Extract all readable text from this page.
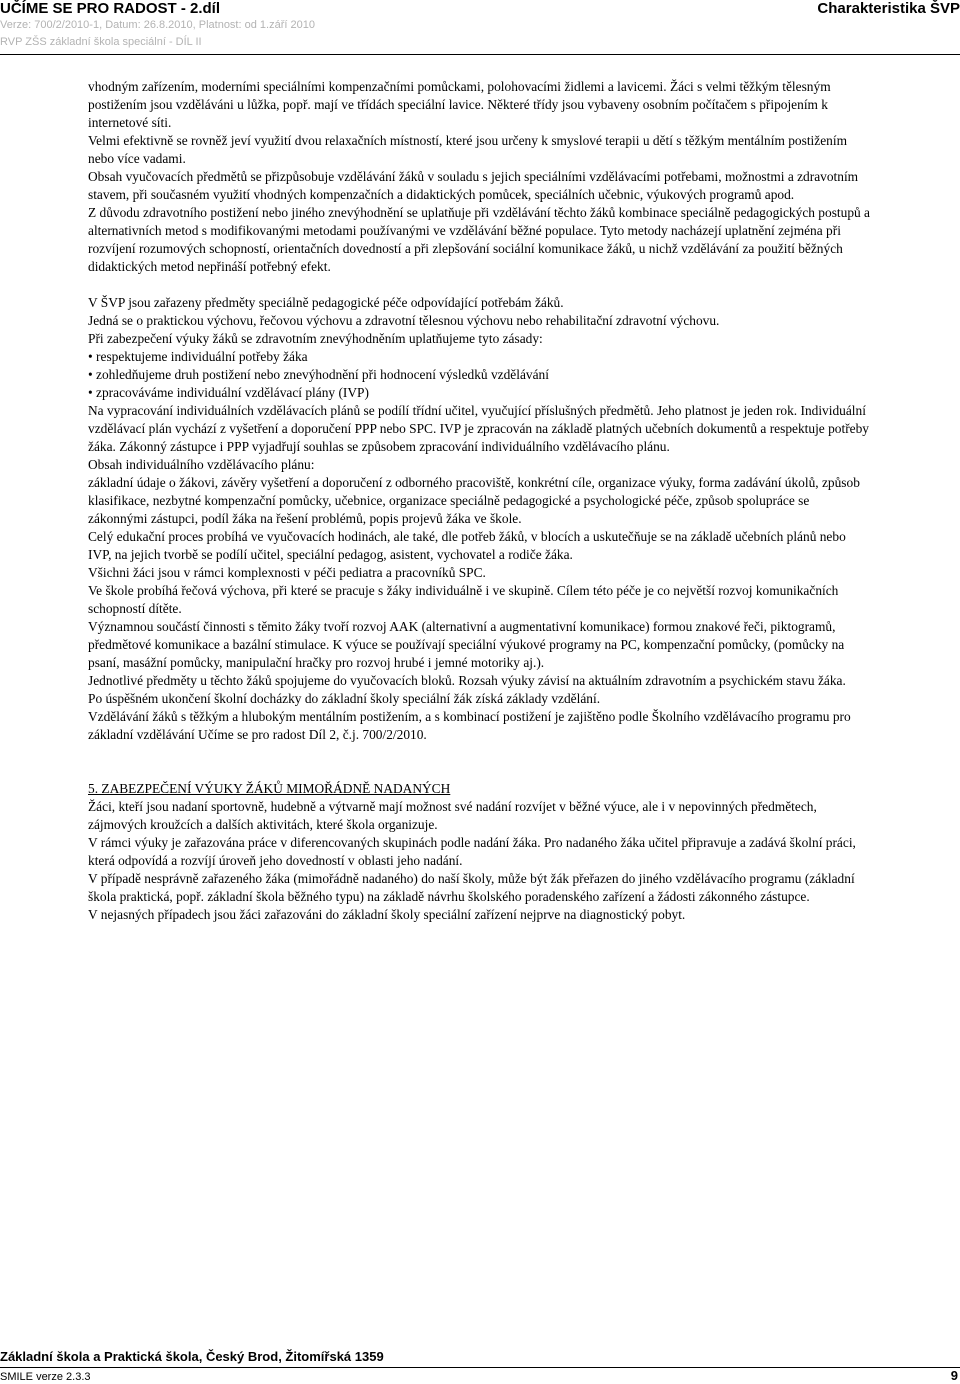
UČÍME SE PRO RADOST - 2.díl	Charakteristika ŠVP
Verze: 700/2/2010-1, Datum: 26.8.2010, Platnost: od 1.září 2010
RVP ZŠS základní škola speciální - DÍL II

vhodným zařízením, moderními speciálními kompenzačními pomůckami, polohovacími židlemi a lavicemi. Žáci s velmi těžkým tělesným postižením jsou vzděláváni u lůžka, popř. mají ve třídách speciální lavice. Některé třídy jsou vybaveny osobním počítačem s připojením k internetové síti.

Velmi efektivně se rovněž jeví využití dvou relaxačních místností, které jsou určeny k smyslové terapii u dětí s těžkým mentálním postižením nebo více vadami.

Obsah vyučovacích předmětů se přizpůsobuje vzdělávání žáků v souladu s jejich speciálními vzdělávacími potřebami, možnostmi a zdravotním stavem, při současném využití vhodných kompenzačních a didaktických pomůcek, speciálních učebnic, výukových programů apod.

Z důvodu zdravotního postižení nebo jiného znevýhodnění se uplatňuje při vzdělávání těchto žáků kombinace speciálně pedagogických postupů a alternativních metod s modifikovanými metodami používanými ve vzdělávání běžné populace. Tyto metody nacházejí uplatnění zejména při rozvíjení rozumových schopností, orientačních dovedností a při zlepšování sociální komunikace žáků, u nichž vzdělávání za použití běžných didaktických metod nepřináší potřebný efekt.

V ŠVP jsou zařazeny předměty speciálně pedagogické péče odpovídající potřebám žáků.

Jedná se o praktickou výchovu, řečovou výchovu a zdravotní tělesnou výchovu nebo rehabilitační zdravotní výchovu.

Při zabezpečení výuky žáků se zdravotním znevýhodněním uplatňujeme tyto zásady:

• respektujeme individuální potřeby žáka

• zohledňujeme druh postižení nebo znevýhodnění při hodnocení výsledků vzdělávání

• zpracováváme individuální vzdělávací plány (IVP)

Na vypracování individuálních vzdělávacích plánů se podílí třídní učitel, vyučující příslušných předmětů. Jeho platnost je jeden rok. Individuální vzdělávací plán vychází z vyšetření a doporučení PPP nebo SPC. IVP je zpracován na základě platných učebních dokumentů a respektuje potřeby žáka. Zákonný zástupce i PPP vyjadřují souhlas se způsobem zpracování individuálního vzdělávacího plánu.

Obsah individuálního vzdělávacího plánu:

základní údaje o žákovi, závěry vyšetření a doporučení z odborného pracoviště, konkrétní cíle, organizace výuky, forma zadávání úkolů, způsob klasifikace, nezbytné kompenzační pomůcky, učebnice, organizace speciálně pedagogické a psychologické péče, způsob spolupráce se zákonnými zástupci, podíl žáka na řešení problémů, popis projevů žáka ve škole.

Celý edukační proces probíhá ve vyučovacích hodinách, ale také, dle potřeb žáků, v blocích a uskutečňuje se na základě učebních plánů nebo IVP, na jejich tvorbě se podílí učitel, speciální pedagog, asistent, vychovatel a rodiče žáka.

Všichni žáci jsou v rámci komplexnosti v péči pediatra a pracovníků SPC.

Ve škole probíhá řečová výchova, při které se pracuje s žáky individuálně i ve skupině. Cílem této péče je co největší rozvoj komunikačních schopností dítěte.

Významnou součástí činnosti s těmito žáky tvoří rozvoj AAK (alternativní a augmentativní komunikace) formou znakové řeči, piktogramů, předmětové komunikace a bazální stimulace. K výuce se používají speciální výukové programy na PC, kompenzační pomůcky, (pomůcky na psaní, masážní pomůcky, manipulační hračky pro rozvoj hrubé i jemné motoriky aj.).

Jednotlivé předměty u těchto žáků spojujeme do vyučovacích bloků. Rozsah výuky závisí na aktuálním zdravotním a psychickém stavu žáka.

Po úspěšném ukončení školní docházky do základní školy speciální žák získá základy vzdělání.

Vzdělávání žáků s těžkým a hlubokým mentálním postižením, a s kombinací postižení je zajištěno podle Školního vzdělávacího programu pro základní vzdělávání Učíme se pro radost Díl 2, č.j. 700/2/2010.

5. ZABEZPEČENÍ VÝUKY ŽÁKŮ MIMOŘÁDNĚ NADANÝCH

Žáci, kteří jsou nadaní sportovně, hudebně a výtvarně mají možnost své nadání rozvíjet v běžné výuce, ale i v nepovinných předmětech, zájmových kroužcích a dalších aktivitách, které škola organizuje.

V rámci výuky je zařazována práce v diferencovaných skupinách podle nadání žáka. Pro nadaného žáka učitel připravuje a zadává školní práci, která odpovídá a rozvíjí úroveň jeho dovedností v oblasti jeho nadání.

V případě nesprávně zařazeného žáka (mimořádně nadaného) do naší školy, může být žák přeřazen do jiného vzdělávacího programu (základní škola praktická, popř. základní škola běžného typu) na základě návrhu školského poradenského zařízení a žádosti zákonného zástupce.

V nejasných případech jsou žáci zařazováni do základní školy speciální zařízení nejprve na diagnostický pobyt.

Základní škola a Praktická škola, Český Brod, Žitomířská 1359
SMILE verze 2.3.3	9
